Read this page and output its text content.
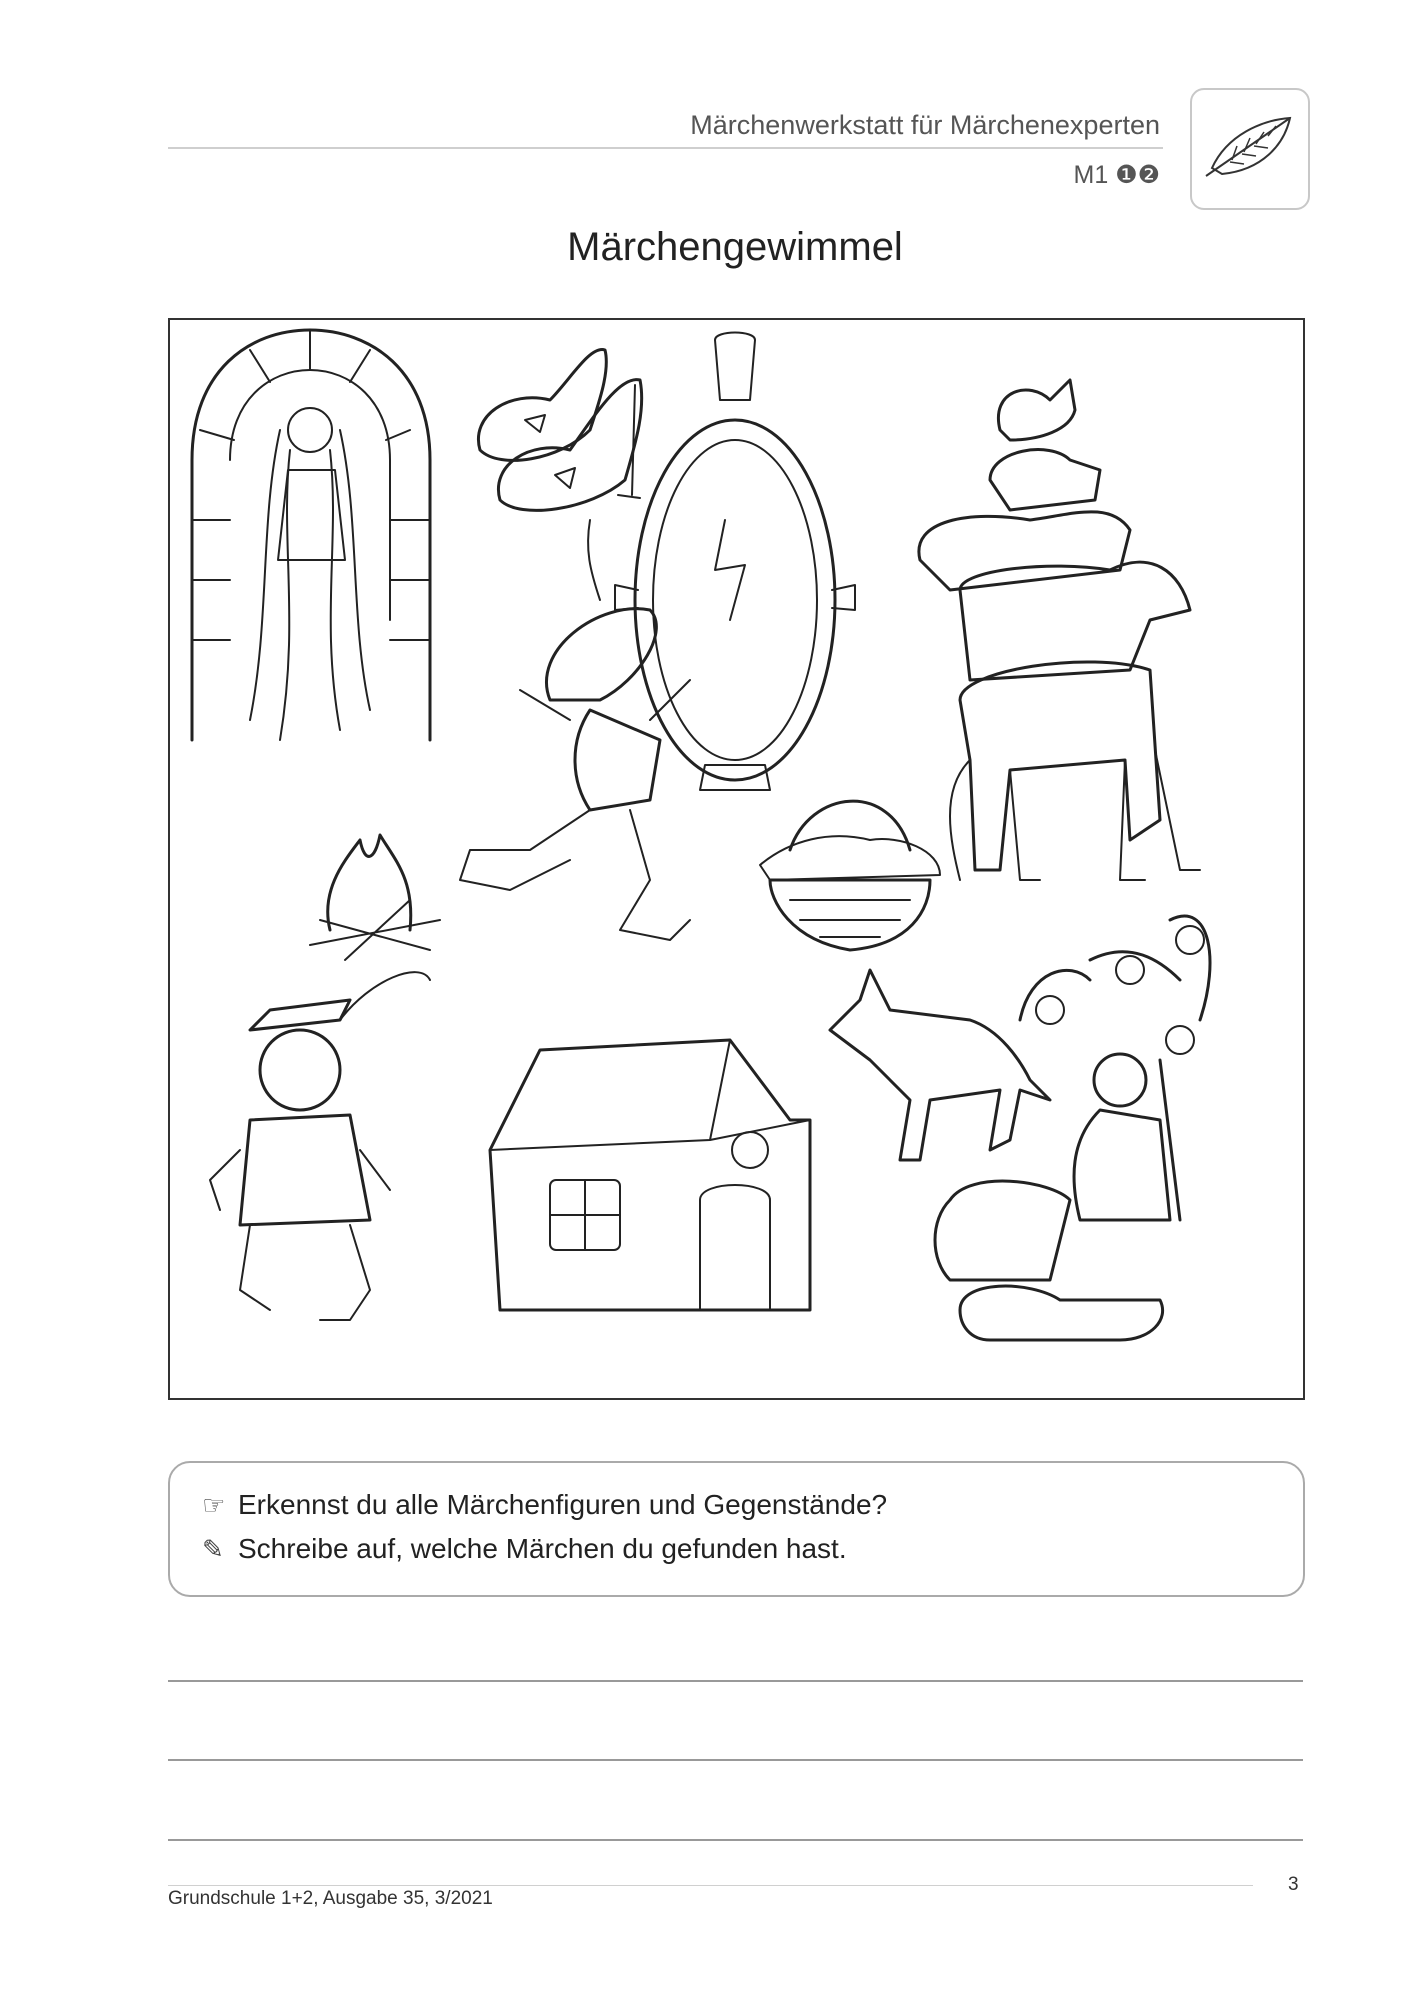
Märchenwerkstatt für Märchenexperten
M1 ❶❷
Märchengewimmel
☞ Erkennst du alle Märchenfiguren und Gegenstände?
✎ Schreibe auf, welche Märchen du gefunden hast.
Grundschule 1+2, Ausgabe 35, 3/2021
3
